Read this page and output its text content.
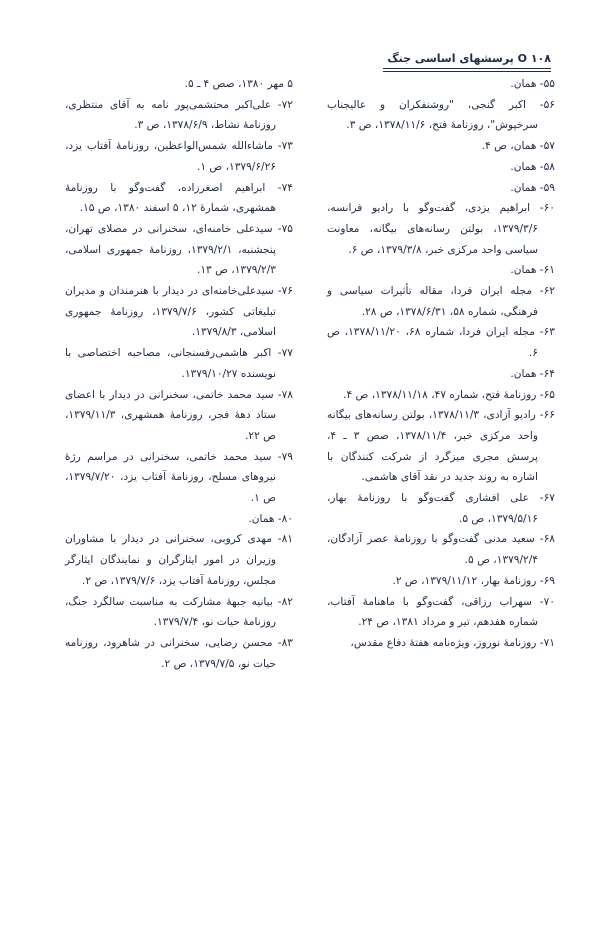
۱۰۸ O پرسشهای اساسی جنگ

۵۵- همان.

۵۶- اکبر گنجی، "روشنفکران و عالیجناب سرخپوش"، روزنامهٔ فتح، ۱۳۷۸/۱۱/۶، ص ۳.

۵۷- همان، ص ۴.

۵۸- همان.

۵۹- همان.

۶۰- ابراهیم یزدی، گفت‌وگو با رادیو فرانسه، ۱۳۷۹/۳/۶، بولتن رسانه‌های بیگانه، معاونت سیاسی واحد مرکزی خبر، ۱۳۷۹/۳/۸، ص ۶.

۶۱- همان.

۶۲- مجله ایران فردا، مقاله تأثیرات سیاسی و فرهنگی، شماره ۵۸، ۱۳۷۸/۶/۳۱، ص ۲۸.

۶۳- مجله ایران فردا، شماره ۶۸، ۱۳۷۸/۱۱/۲۰، ص ۶.

۶۴- همان.

۶۵- روزنامهٔ فتح، شماره ۴۷، ۱۳۷۸/۱۱/۱۸، ص ۴.

۶۶- رادیو آزادی، ۱۳۷۸/۱۱/۳، بولتن رسانه‌های بیگانه واحد مرکزی خبر، ۱۳۷۸/۱۱/۴، صص ۳ ـ ۴، پرسش مجری میزگرد از شرکت کنندگان با اشاره به روند جدید در نقد آقای هاشمی.

۶۷- علی افشاری گفت‌وگو با روزنامهٔ بهار، ۱۳۷۹/۵/۱۶، ص ۵.

۶۸- سعید مدنی گفت‌وگو با روزنامهٔ عصر آزادگان، ۱۳۷۹/۲/۴، ص ۵.

۶۹- روزنامهٔ بهار، ۱۳۷۹/۱۱/۱۲، ص ۲.

۷۰- سهراب رزاقی، گفت‌وگو با ماهنامهٔ آفتاب، شماره هفدهم، تیر و مرداد ۱۳۸۱، ص ۲۴.

۷۱- روزنامهٔ نوروز، ویژه‌نامه هفتهٔ دفاع مقدس،

۵ مهر ۱۳۸۰، صص ۴ ـ ۵.

۷۲- علی‌اکبر محتشمی‌پور نامه به آقای منتظری، روزنامهٔ نشاط، ۱۳۷۸/۶/۹، ص ۳.

۷۳- ماشاءالله شمس‌الواعظین، روزنامهٔ آفتاب یزد، ۱۳۷۹/۶/۲۶، ص ۱.

۷۴- ابراهیم اصغرزاده، گفت‌وگو با روزنامهٔ همشهری، شمارهٔ ۱۲، ۵ اسفند ۱۳۸۰، ص ۱۵.

۷۵- سیدعلی خامنه‌ای، سخنرانی در مصلای تهران، پنجشنبه، ۱۳۷۹/۲/۱، روزنامهٔ جمهوری اسلامی، ۱۳۷۹/۲/۳، ص ۱۳.

۷۶- سیدعلی‌خامنه‌ای در دیدار با هنرمندان و مدیران تبلیغاتی کشور، ۱۳۷۹/۷/۶، روزنامهٔ جمهوری اسلامی، ۱۳۷۹/۸/۳.

۷۷- اکبر هاشمی‌رفسنجانی، مصاحبه اختصاصی با نویسنده ۱۳۷۹/۱۰/۲۷.

۷۸- سید محمد خاتمی، سخنرانی در دیدار با اعضای ستاد دههٔ فجر، روزنامهٔ همشهری، ۱۳۷۹/۱۱/۳، ص ۲۲.

۷۹- سید محمد خاتمی، سخنرانی در مراسم رژهٔ نیروهای مسلح، روزنامهٔ آفتاب یزد، ۱۳۷۹/۷/۲۰، ص ۱.

۸۰- همان.

۸۱- مهدی کروبی، سخنرانی در دیدار با مشاوران وزیران در امور ایثارگران و نمایندگان ایثارگر مجلس، روزنامهٔ آفتاب یزد، ۱۳۷۹/۷/۶، ص ۲.

۸۲- بیانیه جبههٔ مشارکت به مناسبت سالگرد جنگ، روزنامهٔ حیات نو، ۱۳۷۹/۷/۴.

۸۳- محسن رضایی، سخنرانی در شاهرود، روزنامه حیات نو، ۱۳۷۹/۷/۵، ص ۲.
